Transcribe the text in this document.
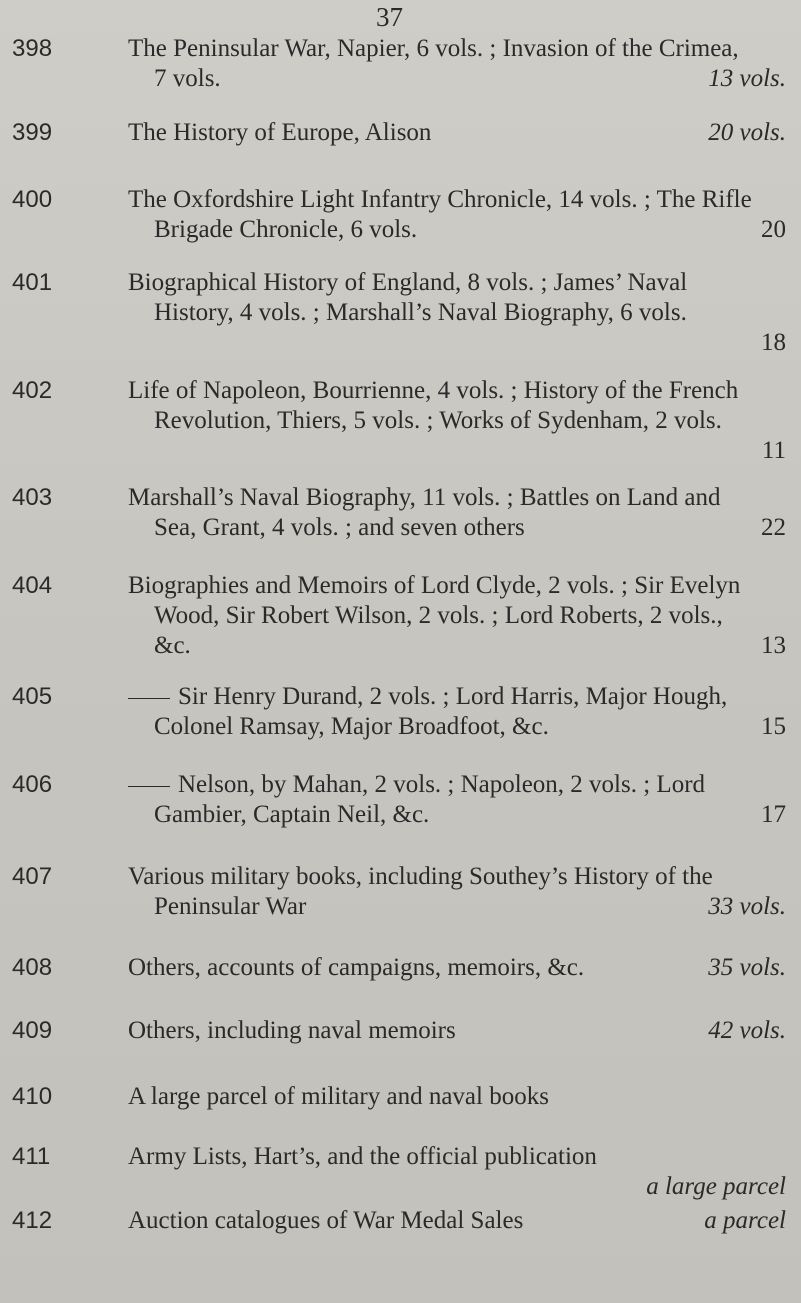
37
398	The Peninsular War, Napier, 6 vols. ; Invasion of the Crimea,
7 vols.	13 vols.
399	The History of Europe, Alison	20 vols.
400	The Oxfordshire Light Infantry Chronicle, 14 vols. ; The Rifle
Brigade Chronicle, 6 vols.	20
401	Biographical History of England, 8 vols. ; James’ Naval
History, 4 vols. ; Marshall’s Naval Biography, 6 vols.
18
402	Life of Napoleon, Bourrienne, 4 vols. ; History of the French
Revolution, Thiers, 5 vols. ; Works of Sydenham, 2 vols.
11
403	Marshall’s Naval Biography, 11 vols. ; Battles on Land and
Sea, Grant, 4 vols. ; and seven others	22
404	Biographies and Memoirs of Lord Clyde, 2 vols. ; Sir Evelyn
Wood, Sir Robert Wilson, 2 vols. ; Lord Roberts, 2 vols.,
&c.	13
405	Sir Henry Durand, 2 vols. ; Lord Harris, Major Hough,
Colonel Ramsay, Major Broadfoot, &c.	15
406	Nelson, by Mahan, 2 vols. ; Napoleon, 2 vols. ; Lord
Gambier, Captain Neil, &c.	17
407	Various military books, including Southey’s History of the
Peninsular War	33 vols.
408	Others, accounts of campaigns, memoirs, &c.	35 vols.
409	Others, including naval memoirs	42 vols.
410	A large parcel of military and naval books
411	Army Lists, Hart’s, and the official publication
a large parcel
412	Auction catalogues of War Medal Sales	a parcel
